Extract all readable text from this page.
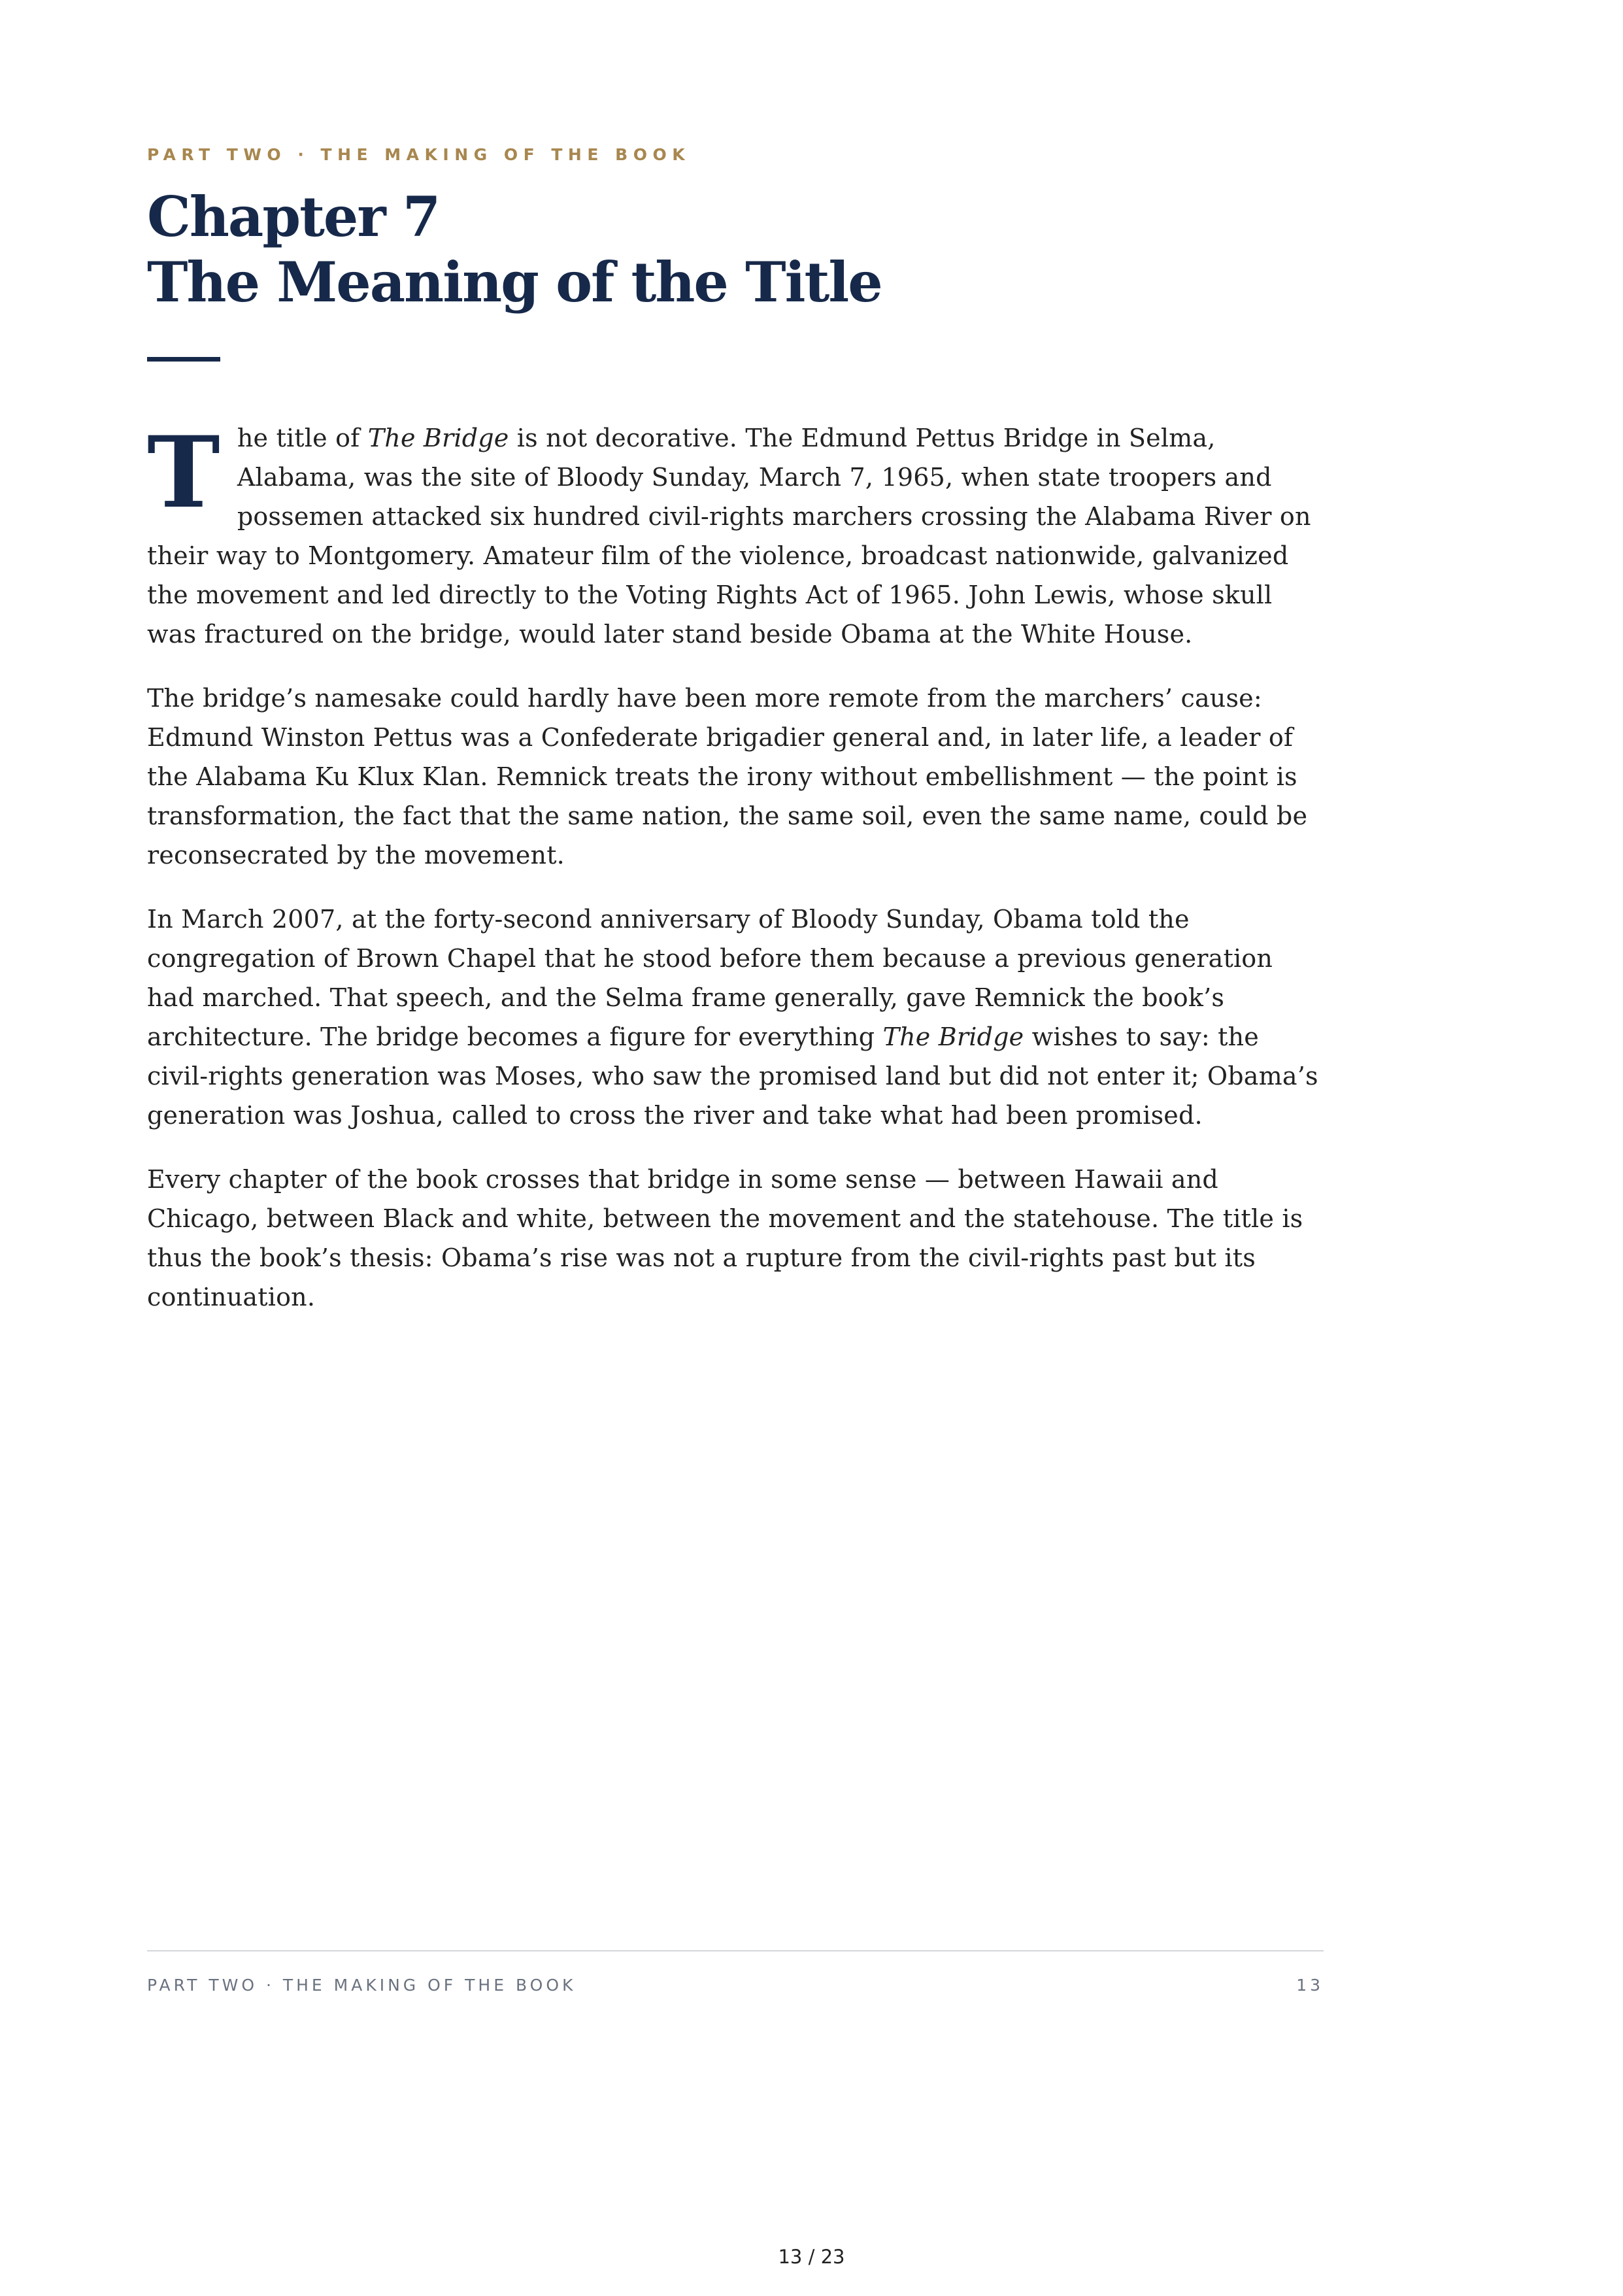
PART TWO · THE MAKING OF THE BOOK
Chapter 7
The Meaning of the Title

The title of The Bridge is not decorative. The Edmund Pettus Bridge in Selma, Alabama, was the site of Bloody Sunday, March 7, 1965, when state troopers and possemen attacked six hundred civil-rights marchers crossing the Alabama River on their way to Montgomery. Amateur film of the violence, broadcast nationwide, galvanized the movement and led directly to the Voting Rights Act of 1965. John Lewis, whose skull was fractured on the bridge, would later stand beside Obama at the White House.

The bridge’s namesake could hardly have been more remote from the marchers’ cause: Edmund Winston Pettus was a Confederate brigadier general and, in later life, a leader of the Alabama Ku Klux Klan. Remnick treats the irony without embellishment — the point is transformation, the fact that the same nation, the same soil, even the same name, could be reconsecrated by the movement.

In March 2007, at the forty-second anniversary of Bloody Sunday, Obama told the congregation of Brown Chapel that he stood before them because a previous generation had marched. That speech, and the Selma frame generally, gave Remnick the book’s architecture. The bridge becomes a figure for everything The Bridge wishes to say: the civil-rights generation was Moses, who saw the promised land but did not enter it; Obama’s generation was Joshua, called to cross the river and take what had been promised.

Every chapter of the book crosses that bridge in some sense — between Hawaii and Chicago, between Black and white, between the movement and the statehouse. The title is thus the book’s thesis: Obama’s rise was not a rupture from the civil-rights past but its continuation.

PART TWO · THE MAKING OF THE BOOK	13
13 / 23
